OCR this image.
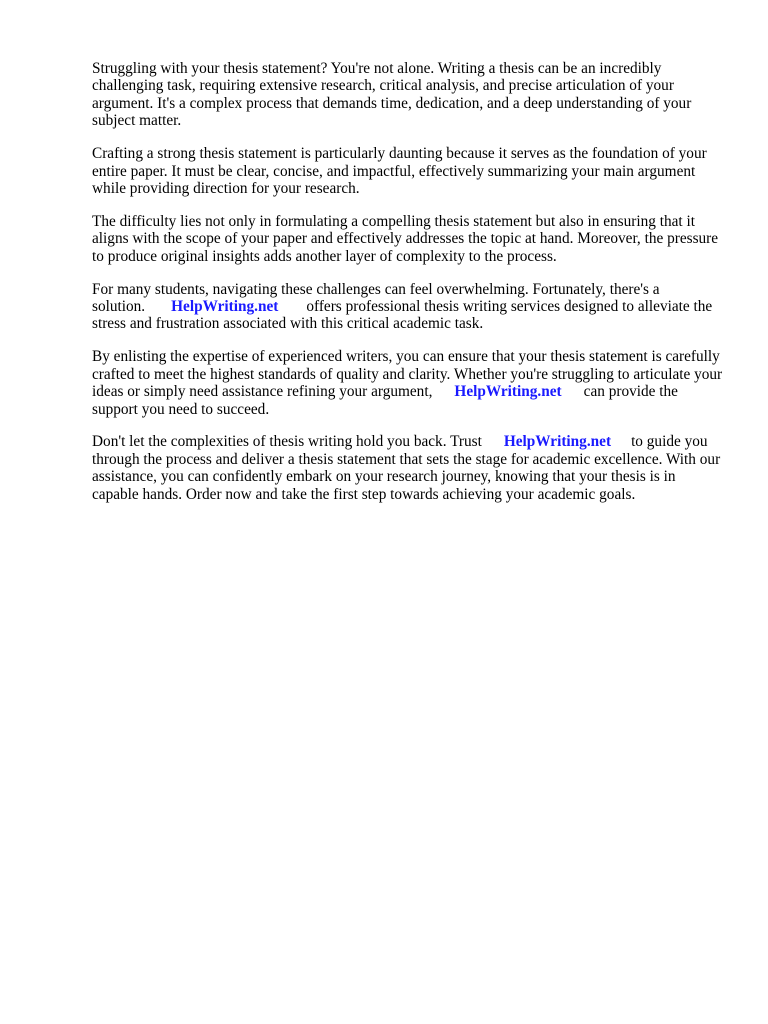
Struggling with your thesis statement? You're not alone. Writing a thesis can be an incredibly challenging task, requiring extensive research, critical analysis, and precise articulation of your argument. It's a complex process that demands time, dedication, and a deep understanding of your subject matter.

Crafting a strong thesis statement is particularly daunting because it serves as the foundation of your entire paper. It must be clear, concise, and impactful, effectively summarizing your main argument while providing direction for your research.

The difficulty lies not only in formulating a compelling thesis statement but also in ensuring that it aligns with the scope of your paper and effectively addresses the topic at hand. Moreover, the pressure to produce original insights adds another layer of complexity to the process.

For many students, navigating these challenges can feel overwhelming. Fortunately, there's a solution. HelpWriting.net offers professional thesis writing services designed to alleviate the stress and frustration associated with this critical academic task.

By enlisting the expertise of experienced writers, you can ensure that your thesis statement is carefully crafted to meet the highest standards of quality and clarity. Whether you're struggling to articulate your ideas or simply need assistance refining your argument, HelpWriting.net can provide the support you need to succeed.

Don't let the complexities of thesis writing hold you back. Trust HelpWriting.net to guide you through the process and deliver a thesis statement that sets the stage for academic excellence. With our assistance, you can confidently embark on your research journey, knowing that your thesis is in capable hands. Order now and take the first step towards achieving your academic goals.
